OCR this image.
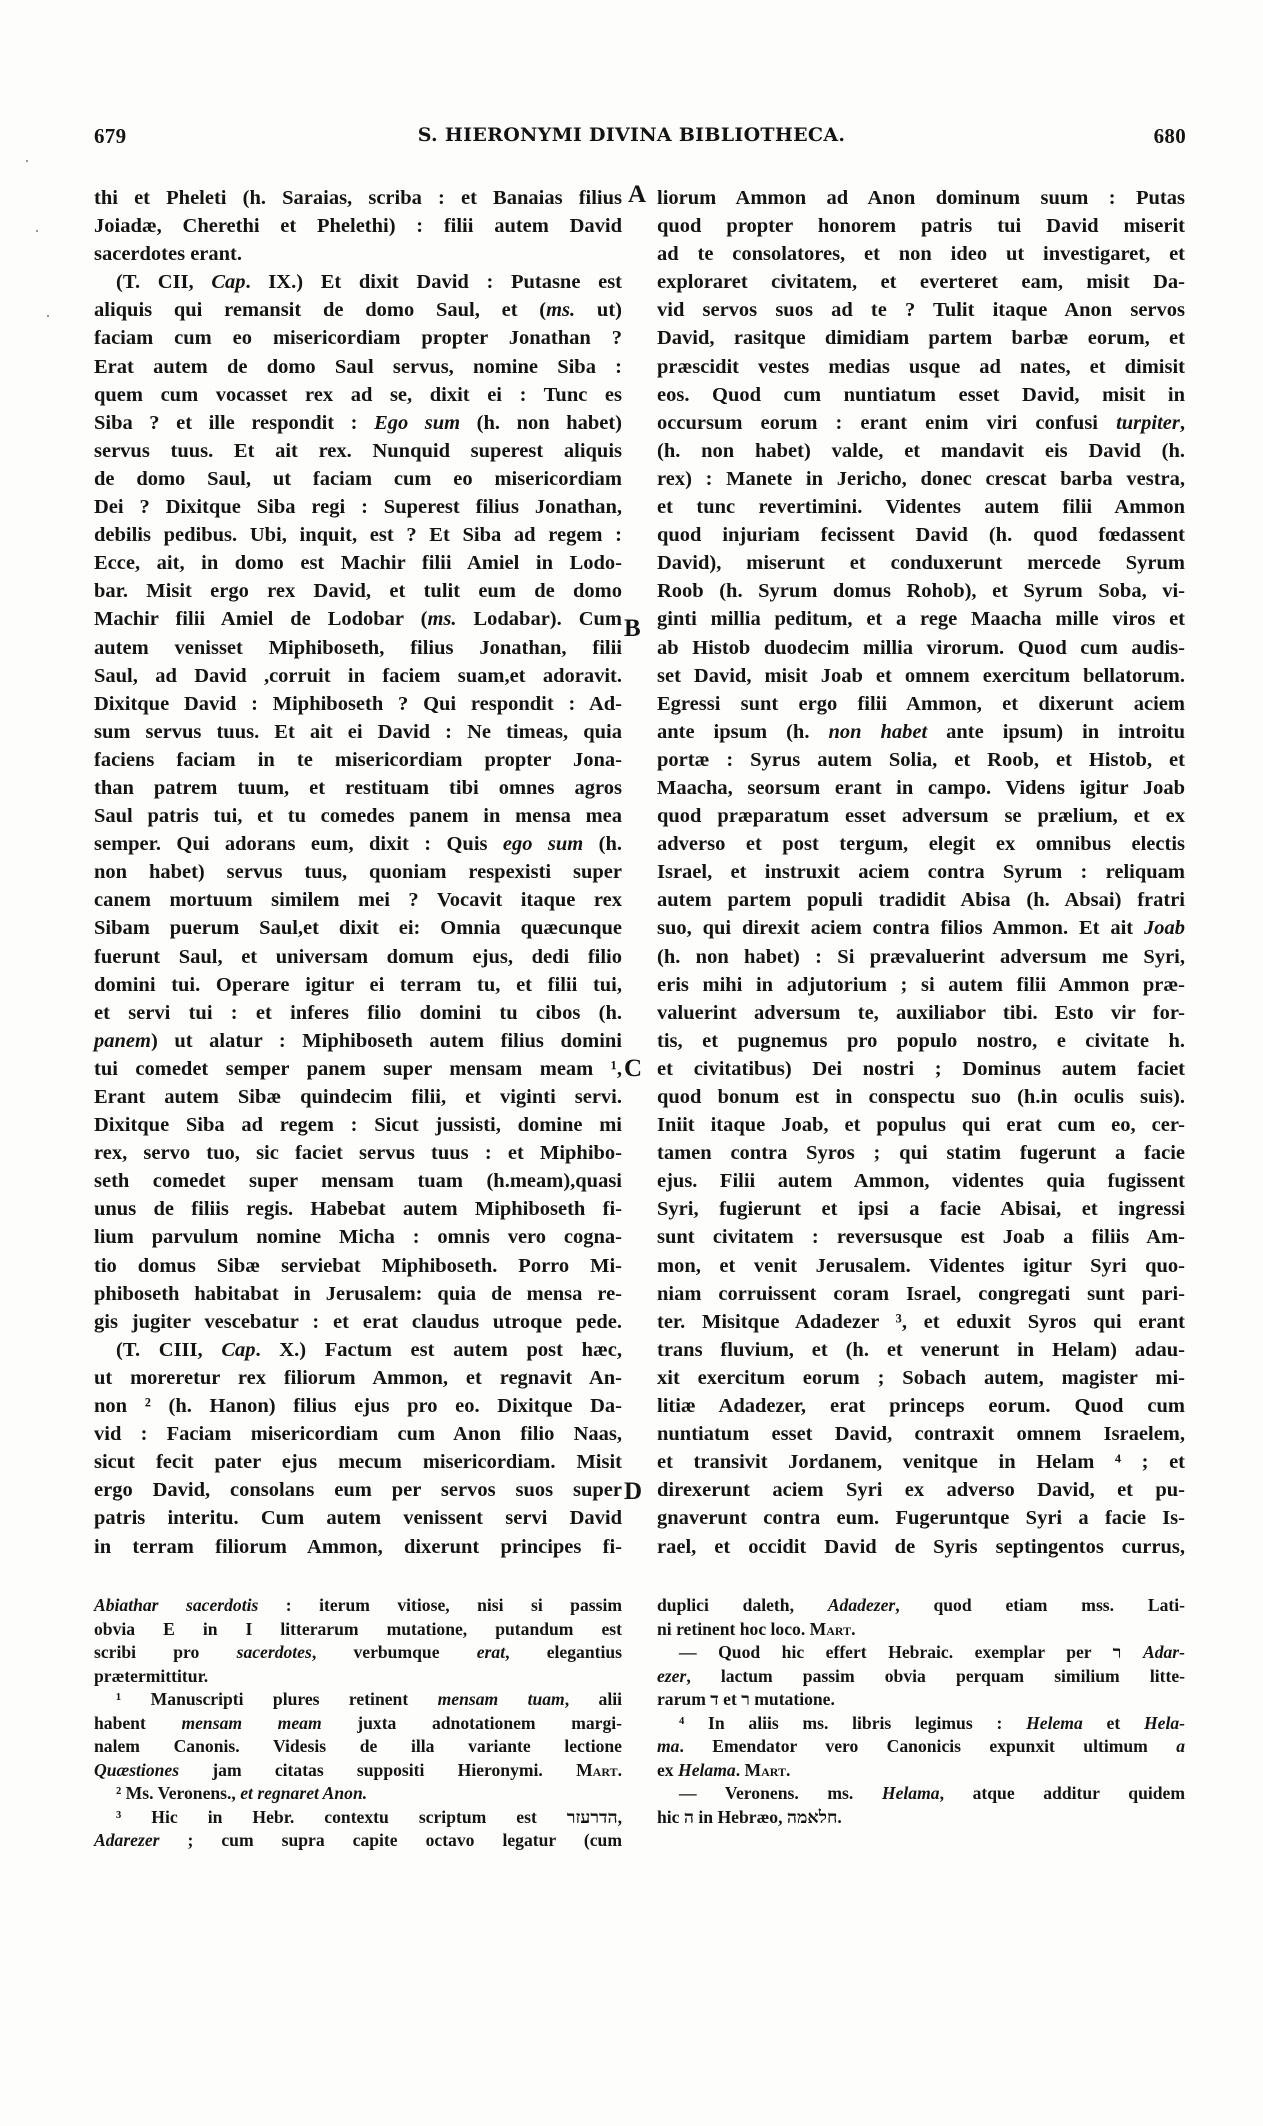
679	S. HIERONYMI DIVINA BIBLIOTHECA.	680
thi et Pheleti (h. Saraias, scriba : et Banaias filius
Joiadæ, Cherethi et Phelethi) : filii autem David
sacerdotes erant.
(T. CII, Cap. IX.) Et dixit David : Putasne est
aliquis qui remansit de domo Saul, et (ms. ut)
faciam cum eo misericordiam propter Jonathan ?
Erat autem de domo Saul servus, nomine Siba :
quem cum vocasset rex ad se, dixit ei : Tunc es
Siba ? et ille respondit : Ego sum (h. non habet)
servus tuus. Et ait rex. Nunquid superest aliquis
de domo Saul, ut faciam cum eo misericordiam
Dei ? Dixitque Siba regi : Superest filius Jonathan,
debilis pedibus. Ubi, inquit, est ? Et Siba ad regem :
Ecce, ait, in domo est Machir filii Amiel in Lodo-
bar. Misit ergo rex David, et tulit eum de domo
Machir filii Amiel de Lodobar (ms. Lodabar). Cum
autem venisset Miphiboseth, filius Jonathan, filii
Saul, ad David ,corruit in faciem suam,et adoravit.
Dixitque David : Miphiboseth ? Qui respondit : Ad-
sum servus tuus. Et ait ei David : Ne timeas, quia
faciens faciam in te misericordiam propter Jona-
than patrem tuum, et restituam tibi omnes agros
Saul patris tui, et tu comedes panem in mensa mea
semper. Qui adorans eum, dixit : Quis ego sum (h.
non habet) servus tuus, quoniam respexisti super
canem mortuum similem mei ? Vocavit itaque rex
Sibam puerum Saul,et dixit ei: Omnia quæcunque
fuerunt Saul, et universam domum ejus, dedi filio
domini tui. Operare igitur ei terram tu, et filii tui,
et servi tui : et inferes filio domini tu cibos (h.
panem) ut alatur : Miphiboseth autem filius domini
tui comedet semper panem super mensam meam ¹,
Erant autem Sibæ quindecim filii, et viginti servi.
Dixitque Siba ad regem : Sicut jussisti, domine mi
rex, servo tuo, sic faciet servus tuus : et Miphibo-
seth comedet super mensam tuam (h.meam),quasi
unus de filiis regis. Habebat autem Miphiboseth fi-
lium parvulum nomine Micha : omnis vero cogna-
tio domus Sibæ serviebat Miphiboseth. Porro Mi-
phiboseth habitabat in Jerusalem: quia de mensa re-
gis jugiter vescebatur : et erat claudus utroque pede.
(T. CIII, Cap. X.) Factum est autem post hæc,
ut moreretur rex filiorum Ammon, et regnavit An-
non ² (h. Hanon) filius ejus pro eo. Dixitque Da-
vid : Faciam misericordiam cum Anon filio Naas,
sicut fecit pater ejus mecum misericordiam. Misit
ergo David, consolans eum per servos suos super
patris interitu. Cum autem venissent servi David
in terram filiorum Ammon, dixerunt principes fi-
liorum Ammon ad Anon dominum suum : Putas
quod propter honorem patris tui David miserit
ad te consolatores, et non ideo ut investigaret, et
exploraret civitatem, et everteret eam, misit Da-
vid servos suos ad te ? Tulit itaque Anon servos
David, rasitque dimidiam partem barbæ eorum, et
præscidit vestes medias usque ad nates, et dimisit
eos. Quod cum nuntiatum esset David, misit in
occursum eorum : erant enim viri confusi turpiter,
(h. non habet) valde, et mandavit eis David (h.
rex) : Manete in Jericho, donec crescat barba vestra,
et tunc revertimini. Videntes autem filii Ammon
quod injuriam fecissent David (h. quod fœdassent
David), miserunt et conduxerunt mercede Syrum
Roob (h. Syrum domus Rohob), et Syrum Soba, vi-
ginti millia peditum, et a rege Maacha mille viros et
ab Histob duodecim millia virorum. Quod cum audis-
set David, misit Joab et omnem exercitum bellatorum.
Egressi sunt ergo filii Ammon, et dixerunt aciem
ante ipsum (h. non habet ante ipsum) in introitu
portæ : Syrus autem Solia, et Roob, et Histob, et
Maacha, seorsum erant in campo. Videns igitur Joab
quod præparatum esset adversum se prælium, et ex
adverso et post tergum, elegit ex omnibus electis
Israel, et instruxit aciem contra Syrum : reliquam
autem partem populi tradidit Abisa (h. Absai) fratri
suo, qui direxit aciem contra filios Ammon. Et ait Joab
(h. non habet) : Si prævaluerint adversum me Syri,
eris mihi in adjutorium ; si autem filii Ammon præ-
valuerint adversum te, auxiliabor tibi. Esto vir for-
tis, et pugnemus pro populo nostro, e civitate h.
et civitatibus) Dei nostri ; Dominus autem faciet
quod bonum est in conspectu suo (h.in oculis suis).
Iniit itaque Joab, et populus qui erat cum eo, cer-
tamen contra Syros ; qui statim fugerunt a facie
ejus. Filii autem Ammon, videntes quia fugissent
Syri, fugierunt et ipsi a facie Abisai, et ingressi
sunt civitatem : reversusque est Joab a filiis Am-
mon, et venit Jerusalem. Videntes igitur Syri quo-
niam corruissent coram Israel, congregati sunt pari-
ter. Misitque Adadezer ³, et eduxit Syros qui erant
trans fluvium, et (h. et venerunt in Helam) adau-
xit exercitum eorum ; Sobach autem, magister mi-
litiæ Adadezer, erat princeps eorum. Quod cum
nuntiatum esset David, contraxit omnem Israelem,
et transivit Jordanem, venitque in Helam ⁴ ; et
direxerunt aciem Syri ex adverso David, et pu-
gnaverunt contra eum. Fugeruntque Syri a facie Is-
rael, et occidit David de Syris septingentos currus,
A
B
C
D
Abiathar sacerdotis : iterum vitiose, nisi si passim
obvia E in I litterarum mutatione, putandum est
scribi pro sacerdotes, verbumque erat, elegantius
prætermittitur.
¹ Manuscripti plures retinent mensam tuam, alii
habent mensam meam juxta adnotationem margi-
nalem Canonis. Videsis de illa variante lectione
Quæstiones jam citatas suppositi Hieronymi. Mart.
² Ms. Veronens., et regnaret Anon.
³ Hic in Hebr. contextu scriptum est הדרעזר,
Adarezer ; cum supra capite octavo legatur (cum
duplici daleth, Adadezer, quod etiam mss. Lati-
ni retinent hoc loco. Mart.
— Quod hic effert Hebraic. exemplar per ר Adar-
ezer, lactum passim obvia perquam similium litte-
rarum ד et ר mutatione.
⁴ In aliis ms. libris legimus : Helema et Hela-
ma. Emendator vero Canonicis expunxit ultimum a
ex Helama. Mart.
— Veronens. ms. Helama, atque additur quidem
hic ה in Hebræo, חלאמה.
